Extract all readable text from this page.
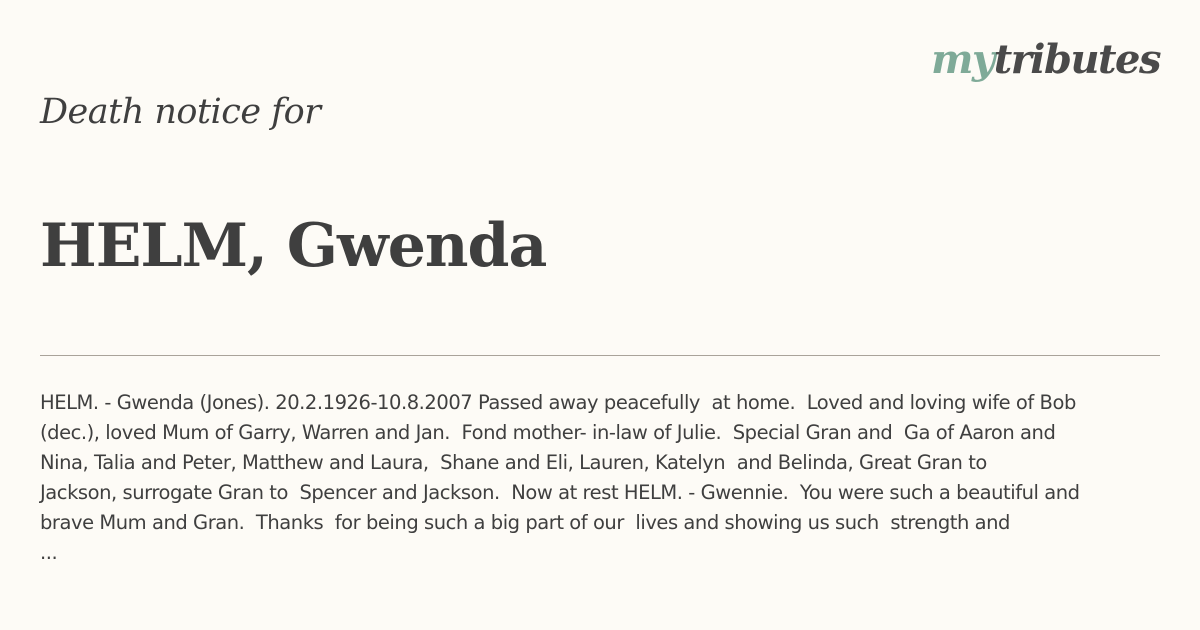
mytributes
Death notice for
HELM, Gwenda

HELM. - Gwenda (Jones). 20.2.1926-10.8.2007 Passed away peacefully  at home.  Loved and loving wife of Bob
(dec.), loved Mum of Garry, Warren and Jan.  Fond mother- in-law of Julie.  Special Gran and  Ga of Aaron and
Nina, Talia and Peter, Matthew and Laura,  Shane and Eli, Lauren, Katelyn  and Belinda, Great Gran to
Jackson, surrogate Gran to  Spencer and Jackson.  Now at rest HELM. - Gwennie.  You were such a beautiful and
brave Mum and Gran.  Thanks  for being such a big part of our  lives and showing us such  strength and
...
